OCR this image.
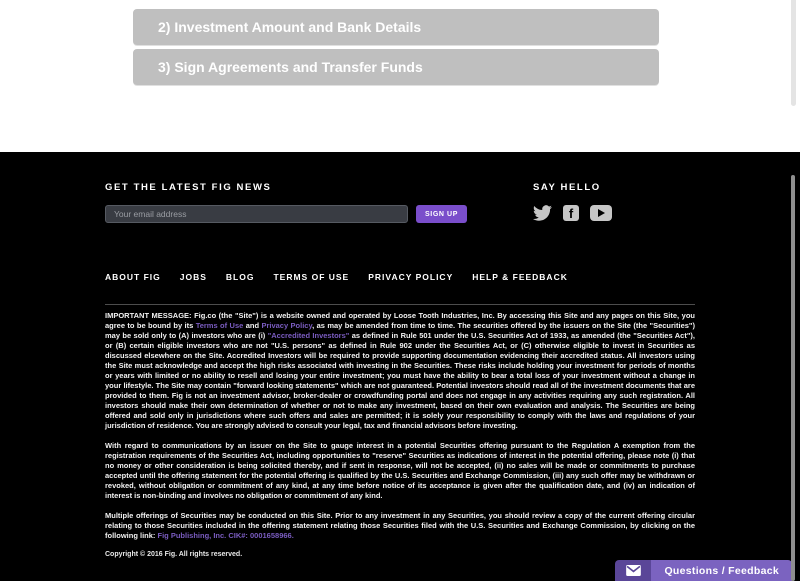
2) Investment Amount and Bank Details
3) Sign Agreements and Transfer Funds
GET THE LATEST FIG NEWS
Your email address
SIGN UP
SAY HELLO
f
ABOUT FIG JOBS BLOG TERMS OF USE PRIVACY POLICY HELP & FEEDBACK

IMPORTANT MESSAGE: Fig.co (the "Site") is a website owned and operated by Loose Tooth Industries, Inc. By accessing this Site and any pages on this Site, you agree to be bound by its Terms of Use and Privacy Policy, as may be amended from time to time. The securities offered by the issuers on the Site (the "Securities") may be sold only to (A) investors who are (i) "Accredited Investors" as defined in Rule 501 under the U.S. Securities Act of 1933, as amended (the "Securities Act"), or (B) certain eligible investors who are not "U.S. persons" as defined in Rule 902 under the Securities Act, or (C) otherwise eligible to invest in Securities as discussed elsewhere on the Site. Accredited Investors will be required to provide supporting documentation evidencing their accredited status. All investors using the Site must acknowledge and accept the high risks associated with investing in the Securities. These risks include holding your investment for periods of months or years with limited or no ability to resell and losing your entire investment; you must have the ability to bear a total loss of your investment without a change in your lifestyle. The Site may contain "forward looking statements" which are not guaranteed. Potential investors should read all of the investment documents that are provided to them. Fig is not an investment advisor, broker-dealer or crowdfunding portal and does not engage in any activities requiring any such registration. All investors should make their own determination of whether or not to make any investment, based on their own evaluation and analysis. The Securities are being offered and sold only in jurisdictions where such offers and sales are permitted; it is solely your responsibility to comply with the laws and regulations of your jurisdiction of residence. You are strongly advised to consult your legal, tax and financial advisors before investing.

With regard to communications by an issuer on the Site to gauge interest in a potential Securities offering pursuant to the Regulation A exemption from the registration requirements of the Securities Act, including opportunities to "reserve" Securities as indications of interest in the potential offering, please note (i) that no money or other consideration is being solicited thereby, and if sent in response, will not be accepted, (ii) no sales will be made or commitments to purchase accepted until the offering statement for the potential offering is qualified by the U.S. Securities and Exchange Commission, (iii) any such offer may be withdrawn or revoked, without obligation or commitment of any kind, at any time before notice of its acceptance is given after the qualification date, and (iv) an indication of interest is non-binding and involves no obligation or commitment of any kind.

Multiple offerings of Securities may be conducted on this Site. Prior to any investment in any Securities, you should review a copy of the current offering circular relating to those Securities included in the offering statement relating those Securities filed with the U.S. Securities and Exchange Commission, by clicking on the following link: Fig Publishing, Inc. CIK#: 0001658966.

Copyright © 2016 Fig. All rights reserved.
Questions / Feedback
